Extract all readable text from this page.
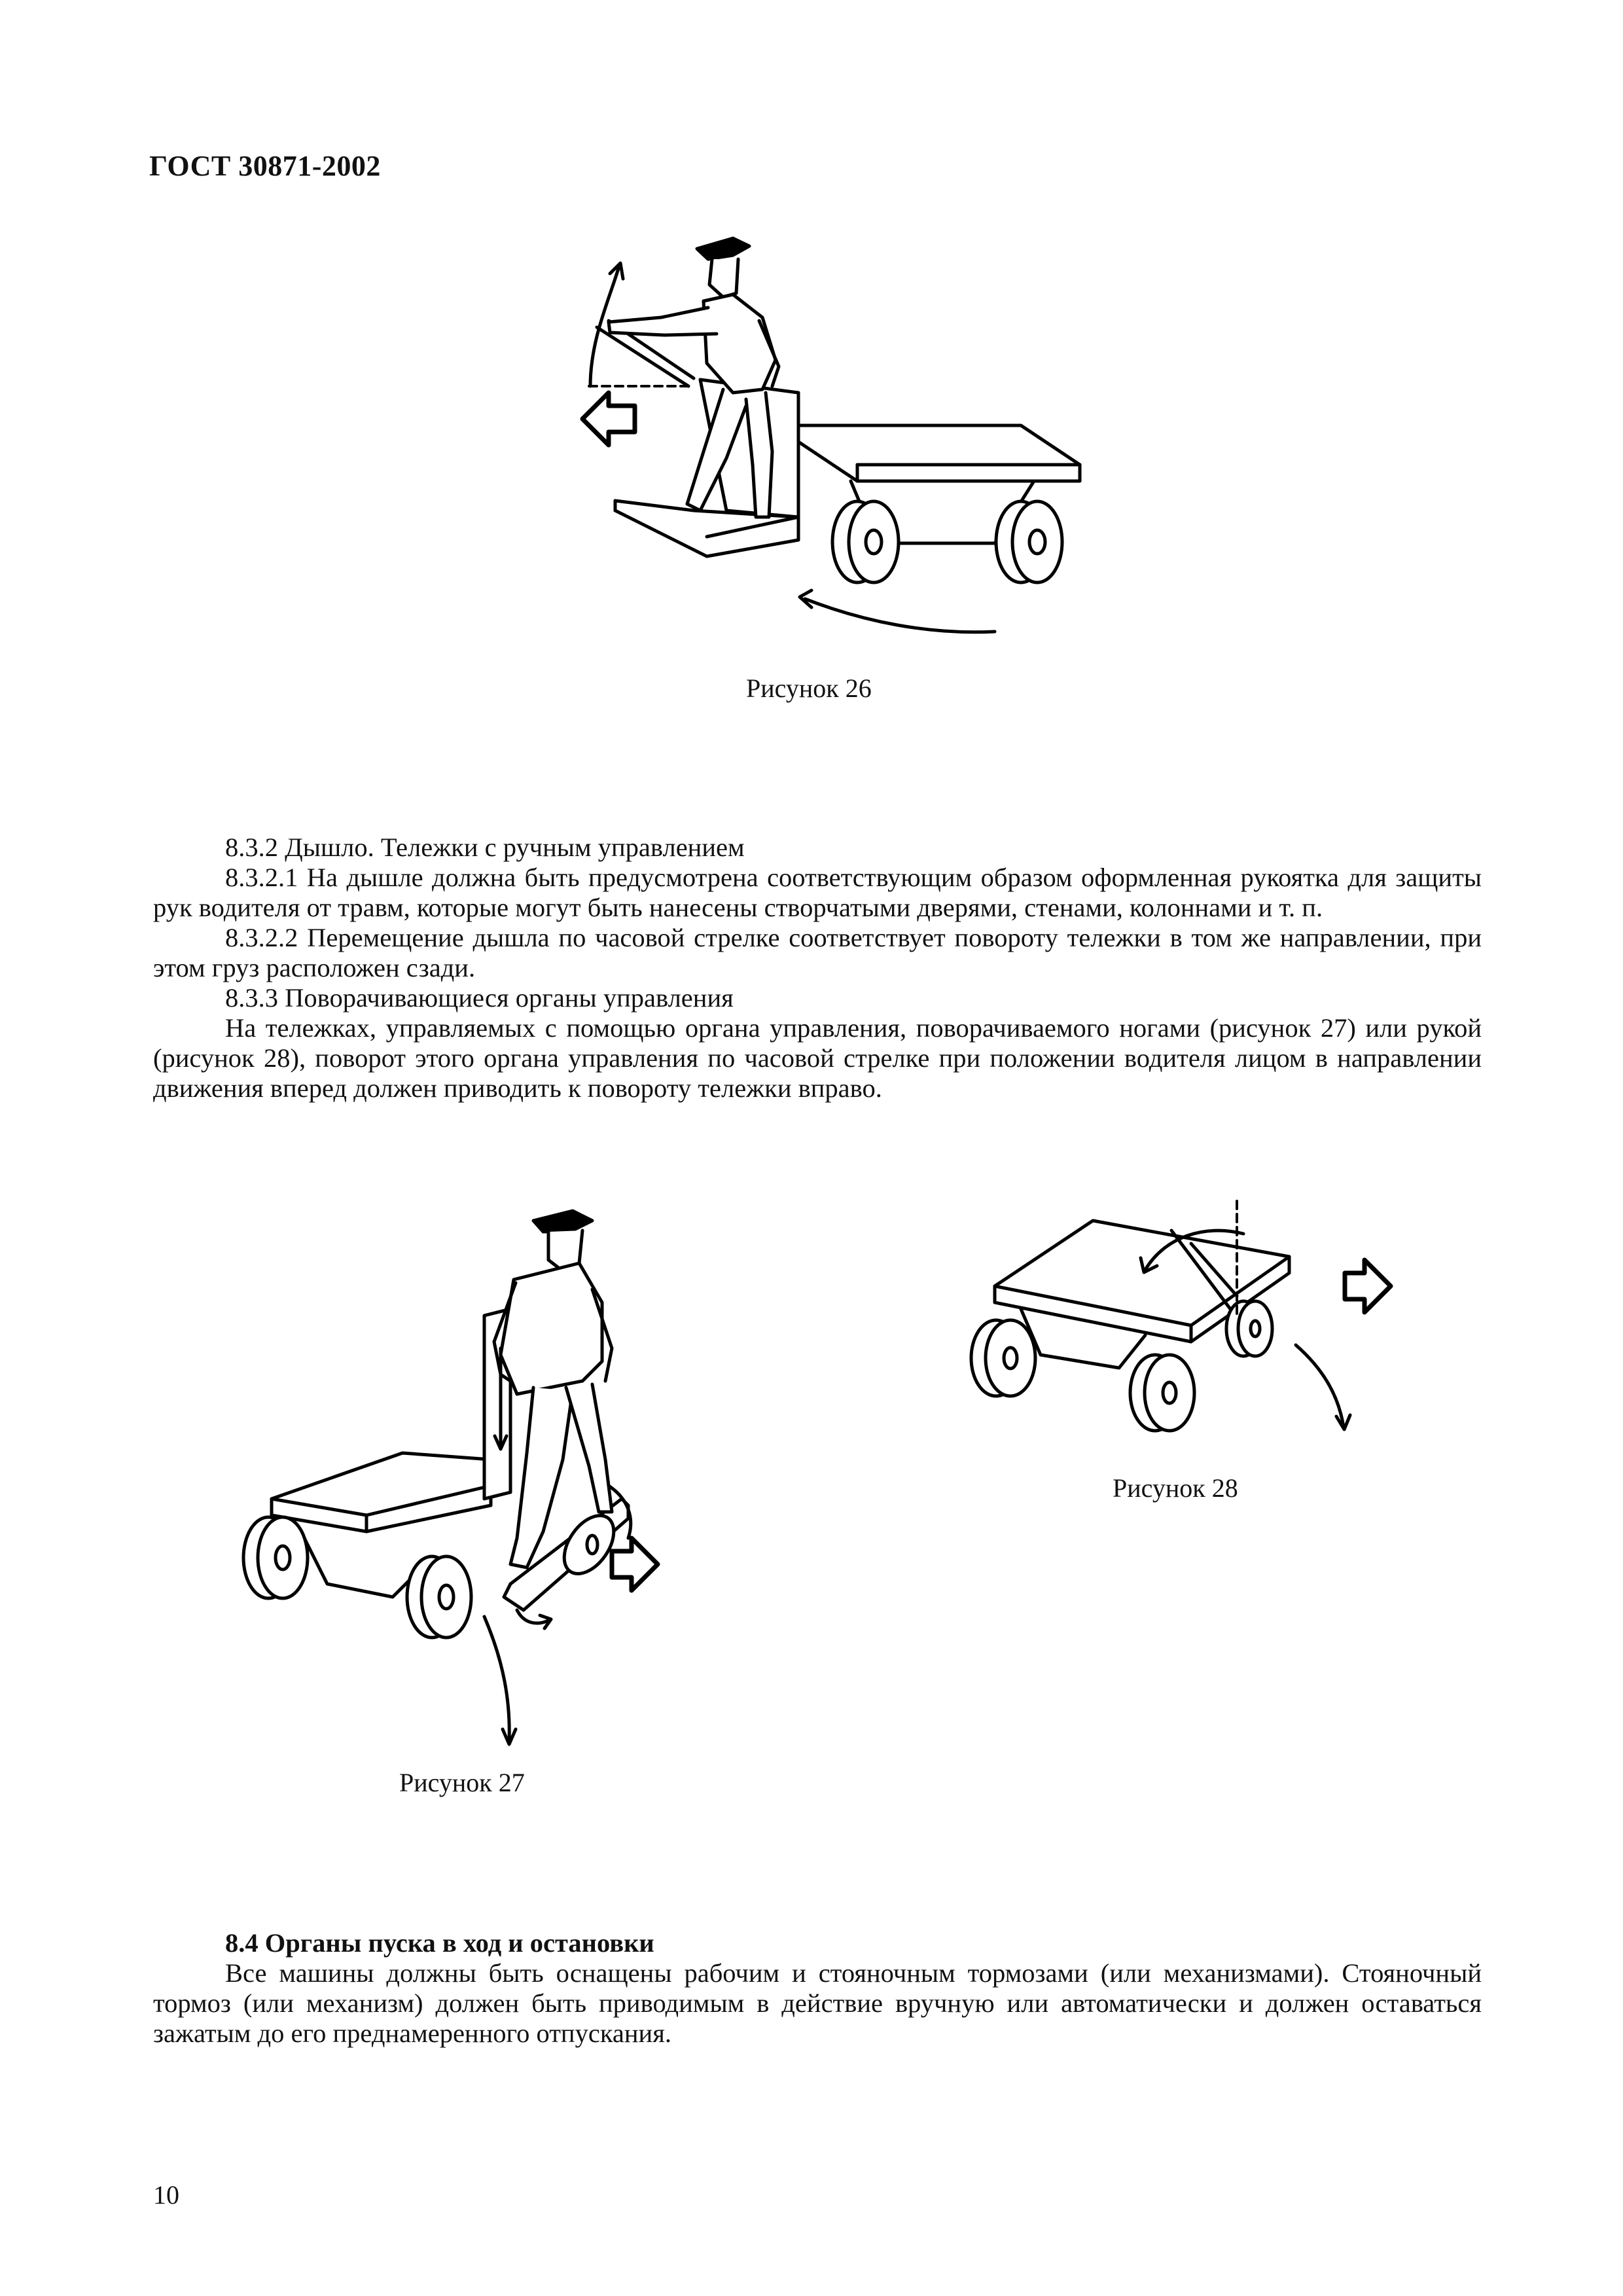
ГОСТ 30871-2002
Рисунок 26

8.3.2 Дышло. Тележки с ручным управлением

8.3.2.1 На дышле должна быть предусмотрена соответствующим образом оформленная рукоятка для защиты рук водителя от травм, которые могут быть нанесены створчатыми дверями, стенами, колоннами и т. п.

8.3.2.2 Перемещение дышла по часовой стрелке соответствует повороту тележки в том же направлении, при этом груз расположен сзади.

8.3.3 Поворачивающиеся органы управления

На тележках, управляемых с помощью органа управления, поворачиваемого ногами (рисунок 27) или рукой (рисунок 28), поворот этого органа управления по часовой стрелке при положении водителя лицом в направлении движения вперед должен приводить к повороту тележки вправо.

Рисунок 27
Рисунок 28

8.4 Органы пуска в ход и остановки

Все машины должны быть оснащены рабочим и стояночным тормозами (или механизмами). Стояночный тормоз (или механизм) должен быть приводимым в действие вручную или автоматически и должен оставаться зажатым до его преднамеренного отпускания.

10
